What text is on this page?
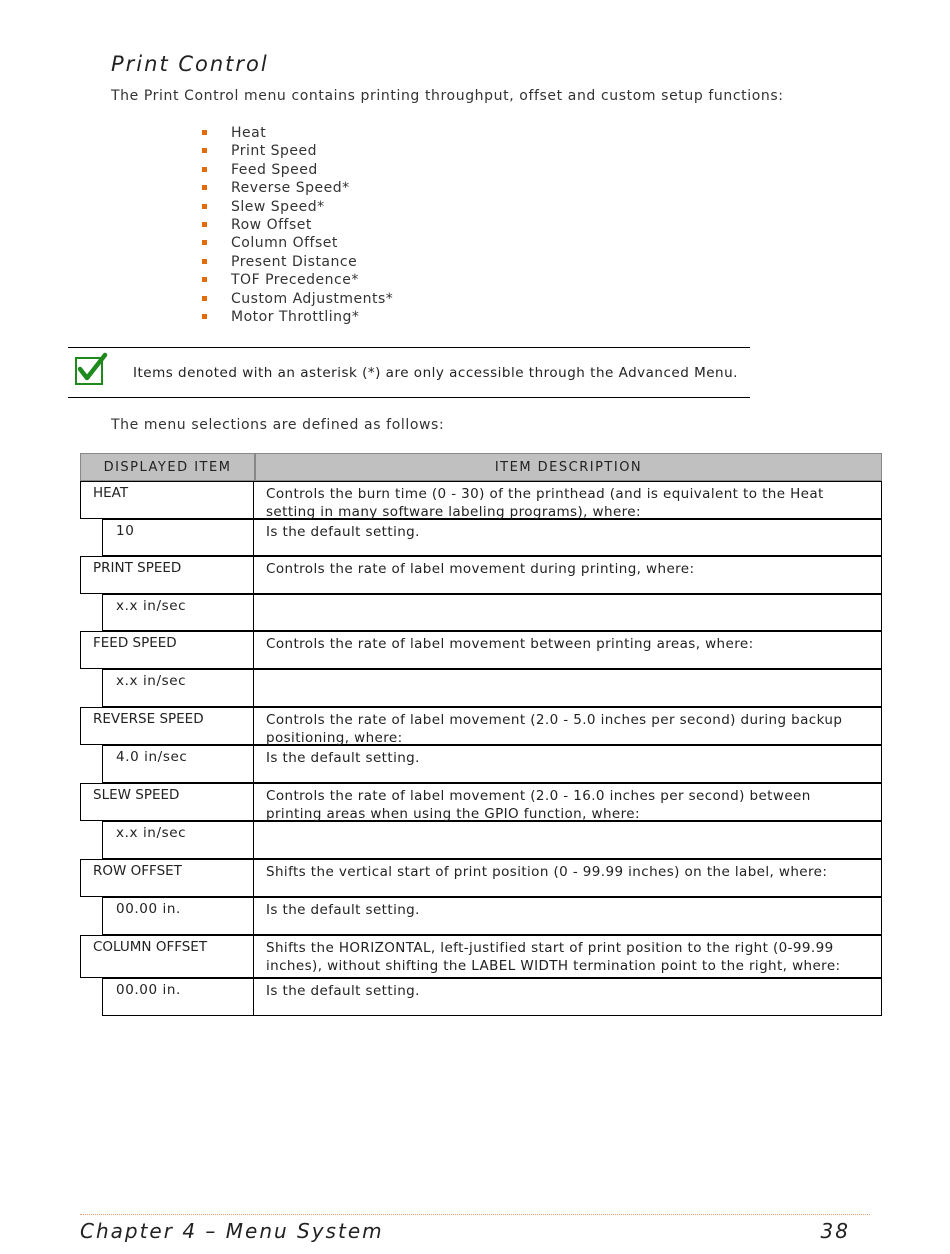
Print Control
The Print Control menu contains printing throughput, offset and custom setup functions:
Heat
Print Speed
Feed Speed
Reverse Speed*
Slew Speed*
Row Offset
Column Offset
Present Distance
TOF Precedence*
Custom Adjustments*
Motor Throttling*
Items denoted with an asterisk (*) are only accessible through the Advanced Menu.
The menu selections are defined as follows:
DISPLAYED ITEM	ITEM DESCRIPTION
HEAT	Controls the burn time (0 - 30) of the printhead (and is equivalent to the Heat setting in many software labeling programs), where:
10	Is the default setting.
PRINT SPEED	Controls the rate of label movement during printing, where:
x.x in/sec
FEED SPEED	Controls the rate of label movement between printing areas, where:
x.x in/sec
REVERSE SPEED	Controls the rate of label movement (2.0 - 5.0 inches per second) during backup positioning, where:
4.0 in/sec	Is the default setting.
SLEW SPEED	Controls the rate of label movement (2.0 - 16.0 inches per second) between printing areas when using the GPIO function, where:
x.x in/sec
ROW OFFSET	Shifts the vertical start of print position (0 - 99.99 inches) on the label, where:
00.00 in.	Is the default setting.
COLUMN OFFSET	Shifts the HORIZONTAL, left-justified start of print position to the right (0-99.99 inches), without shifting the LABEL WIDTH termination point to the right, where:
00.00 in.	Is the default setting.
Chapter 4 – Menu System	38
